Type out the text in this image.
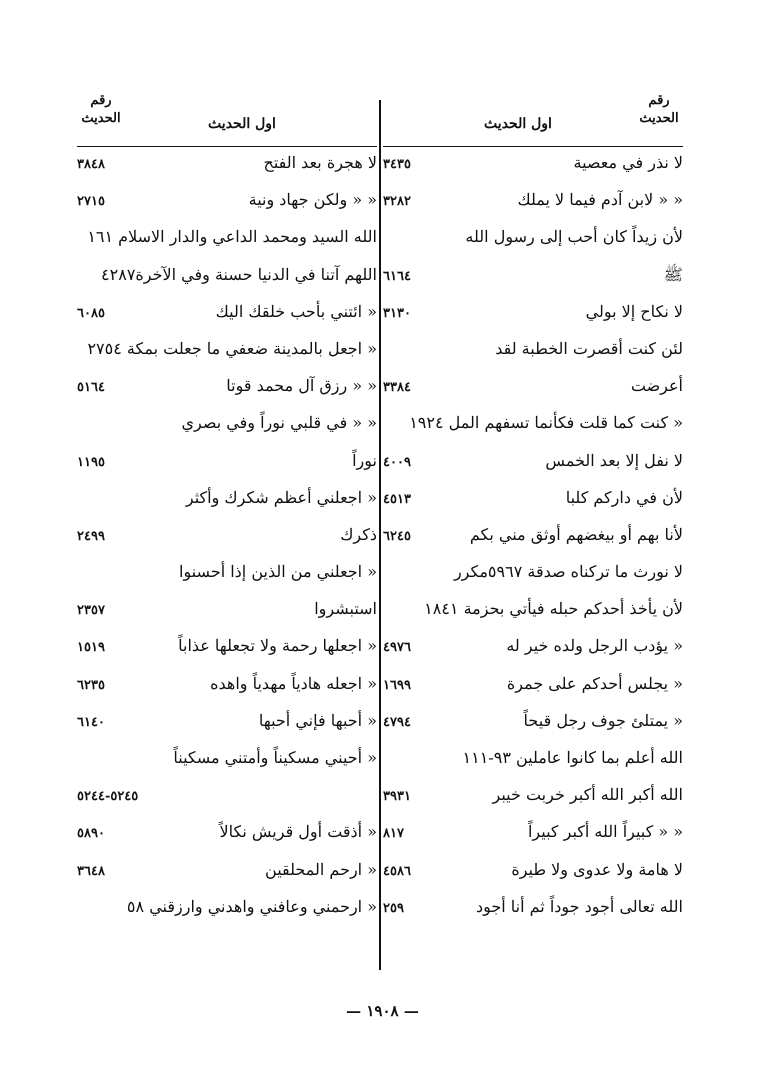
رقم الحديث
اول الحديث
لا نذر في معصية
٣٤٣٥
« « لابن آدم فيما لا يملك
٣٢٨٢
لأن زيداً كان أحب إلى رسول الله
ﷺ
٦١٦٤
لا نكاح إلا بولي
٣١٣٠
لئن كنت أقصرت الخطبة لقد
أعرضت
٣٣٨٤
« كنت كما قلت فكأنما تسفهم المل ١٩٢٤
لا نفل إلا بعد الخمس
٤٠٠٩
لأن في داركم كلبا
٤٥١٣
لأنا بهم أو بيغضهم أوثق مني بكم
٦٢٤٥
لا نورث ما تركناه صدقة ٥٩٦٧مكرر
لأن يأخذ أحدكم حبله فيأتي بحزمة ١٨٤١
« يؤدب الرجل ولده خير له
٤٩٧٦
« يجلس أحدكم على جمرة
١٦٩٩
« يمتلئ جوف رجل قيحاً
٤٧٩٤
الله أعلم بما كانوا عاملين ٩٣-١١١
الله أكبر الله أكبر خربت خيبر
٣٩٣١
« « كبيراً الله أكبر كبيراً
٨١٧
لا هامة ولا عدوى ولا طيرة
٤٥٨٦
الله تعالى أجود جوداً ثم أنا أجود
٢٥٩
رقم الحديث	اول الحديث
لا هجرة بعد الفتح
٣٨٤٨
« « ولكن جهاد ونية
٢٧١٥
الله السيد ومحمد الداعي والدار الاسلام ١٦١
اللهم آتنا في الدنيا حسنة وفي الآخرة٤٢٨٧
« ائتني بأحب خلقك اليك
٦٠٨٥
« اجعل بالمدينة ضعفي ما جعلت بمكة ٢٧٥٤
« « رزق آل محمد قوتا
٥١٦٤
« « في قلبي نوراً وفي بصري
نوراً
١١٩٥
« اجعلني أعظم شكرك وأكثر
ذكرك
٢٤٩٩
« اجعلني من الذين إذا أحسنوا
استبشروا
٢٣٥٧
« اجعلها رحمة ولا تجعلها عذاباً
١٥١٩
« اجعله هادياً مهدياً واهده
٦٢٣٥
« أحبها فإني أحبها
٦١٤٠
« أحيني مسكيناً وأمتني مسكيناً
٥٢٤٥-٥٢٤٤
« أذقت أول قريش نكالاً
٥٨٩٠
« ارحم المحلقين
٣٦٤٨
« ارحمني وعافني واهدني وارزقني ٥٨
— ١٩٠٨ —
